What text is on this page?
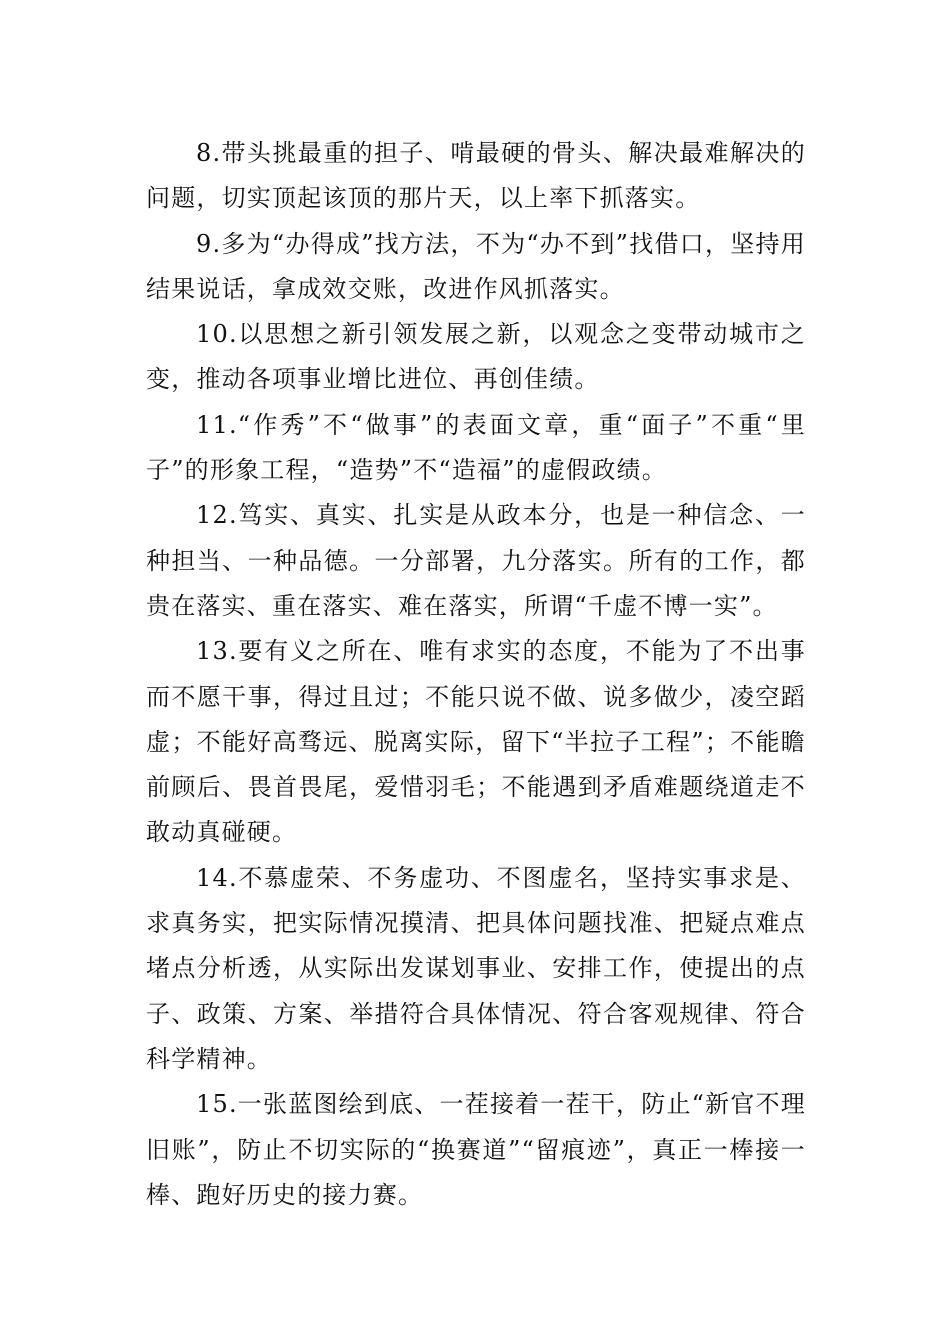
8.带头挑最重的担子、啃最硬的骨头、解决最难解决的问题，切实顶起该顶的那片天，以上率下抓落实。

9.多为“办得成”找方法，不为“办不到”找借口，坚持用结果说话，拿成效交账，改进作风抓落实。

10.以思想之新引领发展之新，以观念之变带动城市之变，推动各项事业增比进位、再创佳绩。

11.“作秀”不“做事”的表面文章，重“面子”不重“里子”的形象工程，“造势”不“造福”的虚假政绩。

12.笃实、真实、扎实是从政本分，也是一种信念、一种担当、一种品德。一分部署，九分落实。所有的工作，都贵在落实、重在落实、难在落实，所谓“千虚不博一实”。

13.要有义之所在、唯有求实的态度，不能为了不出事而不愿干事，得过且过；不能只说不做、说多做少，凌空蹈虚；不能好高骛远、脱离实际，留下“半拉子工程”；不能瞻前顾后、畏首畏尾，爱惜羽毛；不能遇到矛盾难题绕道走不敢动真碰硬。

14.不慕虚荣、不务虚功、不图虚名，坚持实事求是、求真务实，把实际情况摸清、把具体问题找准、把疑点难点堵点分析透，从实际出发谋划事业、安排工作，使提出的点子、政策、方案、举措符合具体情况、符合客观规律、符合科学精神。

15.一张蓝图绘到底、一茬接着一茬干，防止“新官不理旧账”，防止不切实际的“换赛道”“留痕迹”，真正一棒接一棒、跑好历史的接力赛。
